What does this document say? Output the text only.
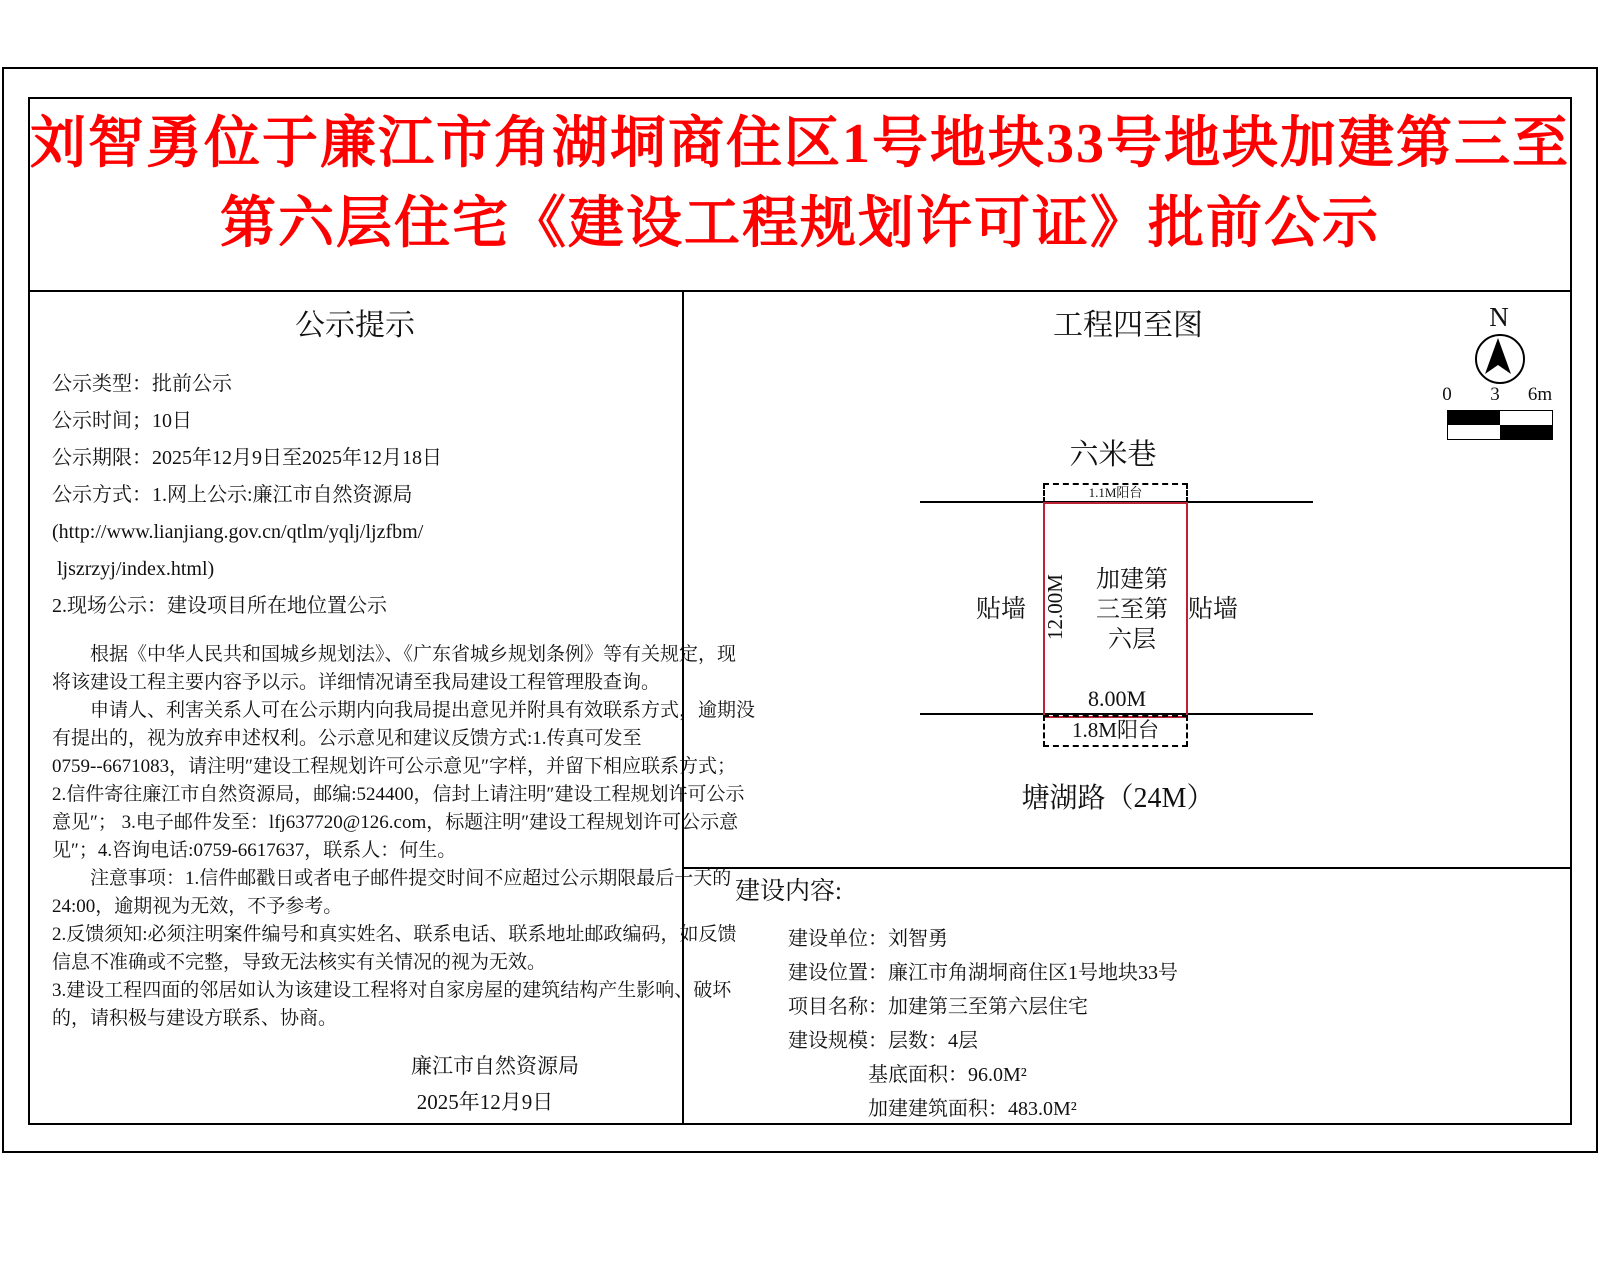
刘智勇位于廉江市角湖垌商住区1号地块33号地块加建第三至
第六层住宅《建设工程规划许可证》批前公示
公示提示
公示类型：批前公示
公示时间；10日
公示期限：2025年12月9日至2025年12月18日
公示方式：1.网上公示:廉江市自然资源局
(http://www.lianjiang.gov.cn/qtlm/yqlj/ljzfbm/
ljszrzyj/index.html)
2.现场公示：建设项目所在地位置公示
　　根据《中华人民共和国城乡规划法》、《广东省城乡规划条例》等有关规定，现
将该建设工程主要内容予以示。详细情况请至我局建设工程管理股查询。
　　申请人、利害关系人可在公示期内向我局提出意见并附具有效联系方式，逾期没
有提出的，视为放弃申述权利。公示意见和建议反馈方式:1.传真可发至
0759--6671083，请注明″建设工程规划许可公示意见″字样，并留下相应联系方式；
2.信件寄往廉江市自然资源局，邮编:524400，信封上请注明″建设工程规划许可公示
意见″； 3.电子邮件发至：lfj637720@126.com，标题注明″建设工程规划许可公示意
见″；4.咨询电话:0759-6617637，联系人：何生。
　　注意事项：1.信件邮戳日或者电子邮件提交时间不应超过公示期限最后一天的
24:00，逾期视为无效，不予参考。
2.反馈须知:必须注明案件编号和真实姓名、联系电话、联系地址邮政编码，如反馈
信息不准确或不完整，导致无法核实有关情况的视为无效。
3.建设工程四面的邻居如认为该建设工程将对自家房屋的建筑结构产生影响、破坏
的，请积极与建设方联系、协商。
廉江市自然资源局
2025年12月9日
工程四至图	N
0	3	6m
六米巷
1.1M阳台
1.8M阳台
加建第
三至第
六层
12.00M
8.00M
贴墙	贴墙
塘湖路（24M）
建设内容:
建设单位：刘智勇
建设位置：廉江市角湖垌商住区1号地块33号
项目名称：加建第三至第六层住宅
建设规模：层数：4层
基底面积：96.0M²
加建建筑面积：483.0M²
